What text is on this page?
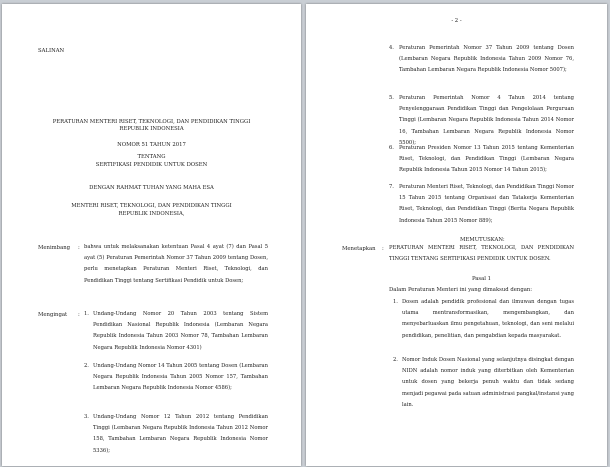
SALINAN
PERATURAN MENTERI RISET, TEKNOLOGI, DAN PENDIDIKAN TINGGI
REPUBLIK INDONESIA
NOMOR 51 TAHUN 2017
TENTANG
SERTIFIKASI PENDIDIK UNTUK DOSEN
DENGAN RAHMAT TUHAN YANG MAHA ESA
MENTERI RISET, TEKNOLOGI, DAN PENDIDIKAN TINGGI
REPUBLIK INDONESIA,
Menimbang : bahwa untuk melaksanakan ketentuan Pasal 4 ayat (7) dan Pasal 5 ayat (5) Peraturan Pemerintah Nomor 37 Tahun 2009 tentang Dosen, perlu menetapkan Peraturan Menteri Riset, Teknologi, dan Pendidikan Tinggi tentang Sertifikasi Pendidik untuk Dosen;
Mengingat : 1. Undang-Undang Nomor 20 Tahun 2003 tentang Sistem Pendidikan Nasional Republik Indonesia (Lembaran Negara Republik Indonesia Tahun 2003 Nomor 78, Tambahan Lembaran Negara Republik Indonesia Nomor 4301)
2. Undang-Undang Nomor 14 Tahun 2005 tentang Dosen (Lembaran Negara Republik Indonesia Tahun 2005 Nomor 157, Tambahan Lembaran Negara Republik Indonesia Nomor 4586);
3. Undang-Undang Nomor 12 Tahun 2012 tentang Pendidikan Tinggi (Lembaran Negara Republik Indonesia Tahun 2012 Nomor 158, Tambahan Lembaran Negara Republik Indonesia Nomor 5336);
- 2 -
4. Peraturan Pemerintah Nomor 37 Tahun 2009 tentang Dosen (Lembaran Negara Republik Indonesia Tahun 2009 Nomor 76, Tambahan Lembaran Negara Republik Indonesia Nomor 5007);
5. Peraturan Pemerintah Nomor 4 Tahun 2014 tentang Penyelenggaraan Pendidikan Tinggi dan Pengelolaan Perguruan Tinggi (Lembaran Negara Republik Indonesia Tahun 2014 Nomor 16, Tambahan Lembaran Negara Republik Indonesia Nomor 5500);
6. Peraturan Presiden Nomor 13 Tahun 2015 tentang Kementerian Riset, Teknologi, dan Pendidikan Tinggi (Lembaran Negara Republik Indonesia Tahun 2015 Nomor 14 Tahun 2015);
7. Peraturan Menteri Riset, Teknologi, dan Pendidikan Tinggi Nomor 15 Tahun 2015 tentang Organisasi dan Tatakerja Kementerian Riset, Teknologi, dan Pendidikan Tinggi (Berita Negara Republik Indonesia Tahun 2015 Nomor 889);
MEMUTUSKAN:
Menetapkan : PERATURAN MENTERI RISET, TEKNOLOGI, DAN PENDIDIKAN TINGGI TENTANG SERTIFIKASI PENDIDIK UNTUK DOSEN.
Pasal 1
Dalam Peraturan Menteri ini yang dimaksud dengan:
1. Dosen adalah pendidik profesional dan ilmuwan dengan tugas utama mentransformasikan, mengembangkan, dan menyebarluaskan ilmu pengetahuan, teknologi, dan seni melalui pendidikan, penelitian, dan pengabdian kepada masyarakat.
2. Nomor Induk Dosen Nasional yang selanjutnya disingkat dengan NIDN adalah nomor induk yang diterbitkan oleh Kementerian untuk dosen yang bekerja penuh waktu dan tidak sedang menjadi pegawai pada satuan administrasi pangkal/instansi yang lain.
